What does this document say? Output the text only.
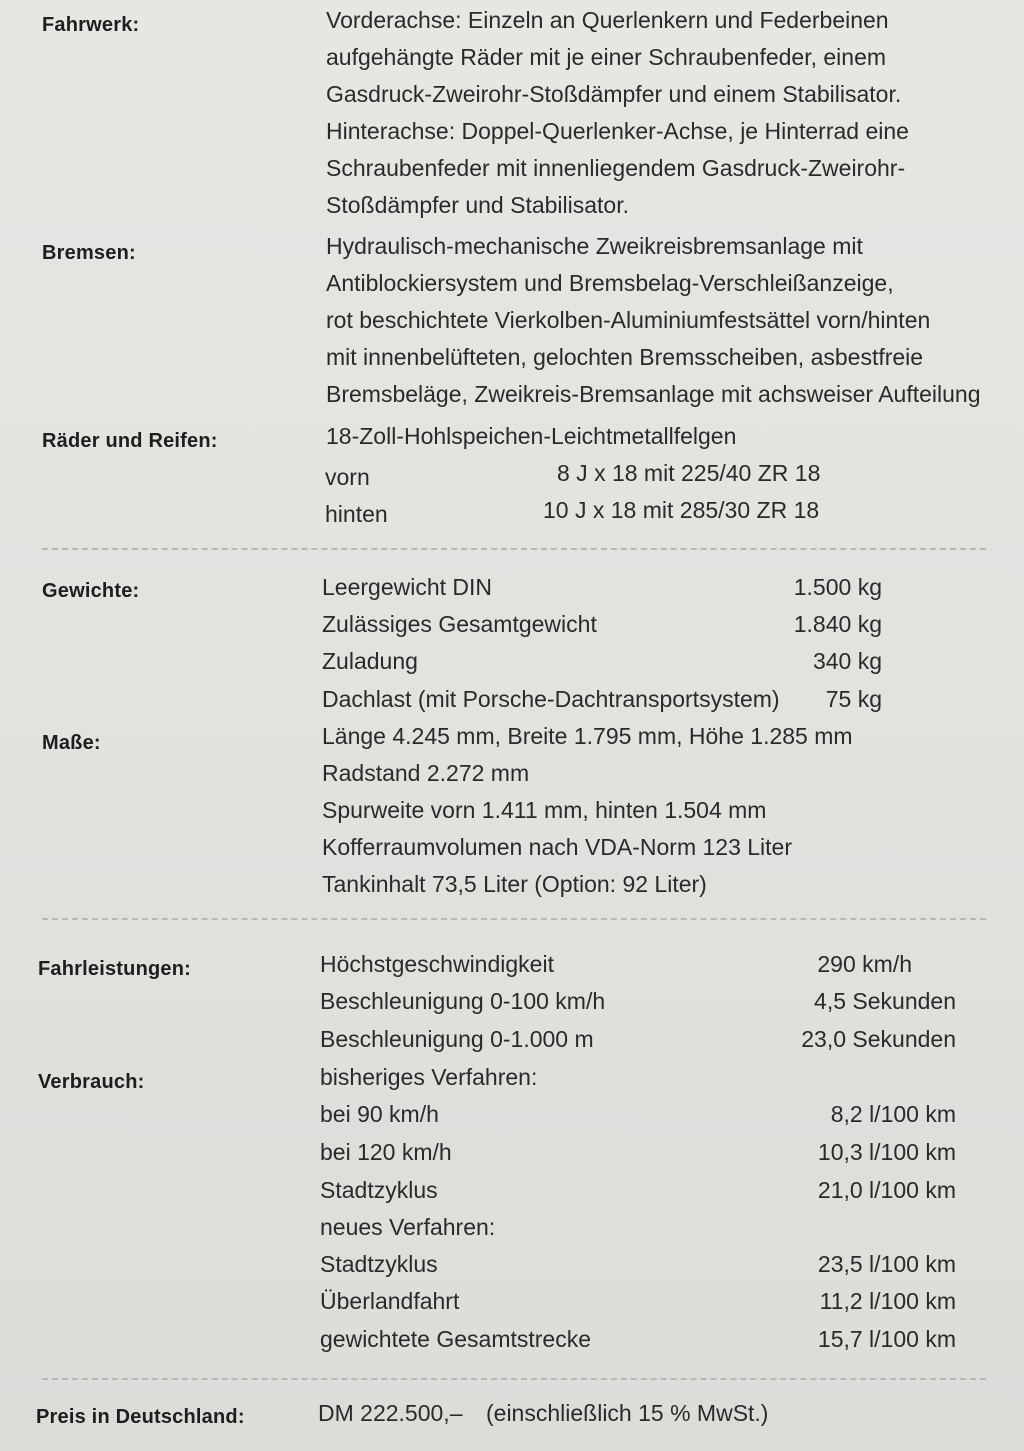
Fahrwerk:	Vorderachse: Einzeln an Querlenkern und Federbeinen
aufgehängte Räder mit je einer Schraubenfeder, einem
Gasdruck-Zweirohr-Stoßdämpfer und einem Stabilisator.
Hinterachse: Doppel-Querlenker-Achse, je Hinterrad eine
Schraubenfeder mit innenliegendem Gasdruck-Zweirohr-
Stoßdämpfer und Stabilisator.
Bremsen:	Hydraulisch-mechanische Zweikreisbremsanlage mit
Antiblockiersystem und Bremsbelag-Verschleißanzeige,
rot beschichtete Vierkolben-Aluminiumfestsättel vorn/hinten
mit innenbelüfteten, gelochten Bremsscheiben, asbestfreie
Bremsbeläge, Zweikreis-Bremsanlage mit achsweiser Aufteilung
Räder und Reifen:	18-Zoll-Hohlspeichen-Leichtmetallfelgen
vorn	8 J x 18 mit 225/40 ZR 18
hinten	10 J x 18 mit 285/30 ZR 18
Gewichte:	Leergewicht DIN	1.500 kg
Zulässiges Gesamtgewicht	1.840 kg
Zuladung	340 kg
Dachlast (mit Porsche-Dachtransportsystem) 75 kg
Maße:	Länge 4.245 mm, Breite 1.795 mm, Höhe 1.285 mm
Radstand 2.272 mm
Spurweite vorn 1.411 mm, hinten 1.504 mm
Kofferraumvolumen nach VDA-Norm 123 Liter
Tankinhalt 73,5 Liter (Option: 92 Liter)
Fahrleistungen:	Höchstgeschwindigkeit	290 km/h
Beschleunigung 0-100 km/h	4,5 Sekunden
Beschleunigung 0-1.000 m	23,0 Sekunden
Verbrauch:	bisheriges Verfahren:
bei 90 km/h	8,2 l/100 km
bei 120 km/h	10,3 l/100 km
Stadtzyklus	21,0 l/100 km
neues Verfahren:
Stadtzyklus	23,5 l/100 km
Überlandfahrt	11,2 l/100 km
gewichtete Gesamtstrecke	15,7 l/100 km
Preis in Deutschland:	DM 222.500,– (einschließlich 15 % MwSt.)
